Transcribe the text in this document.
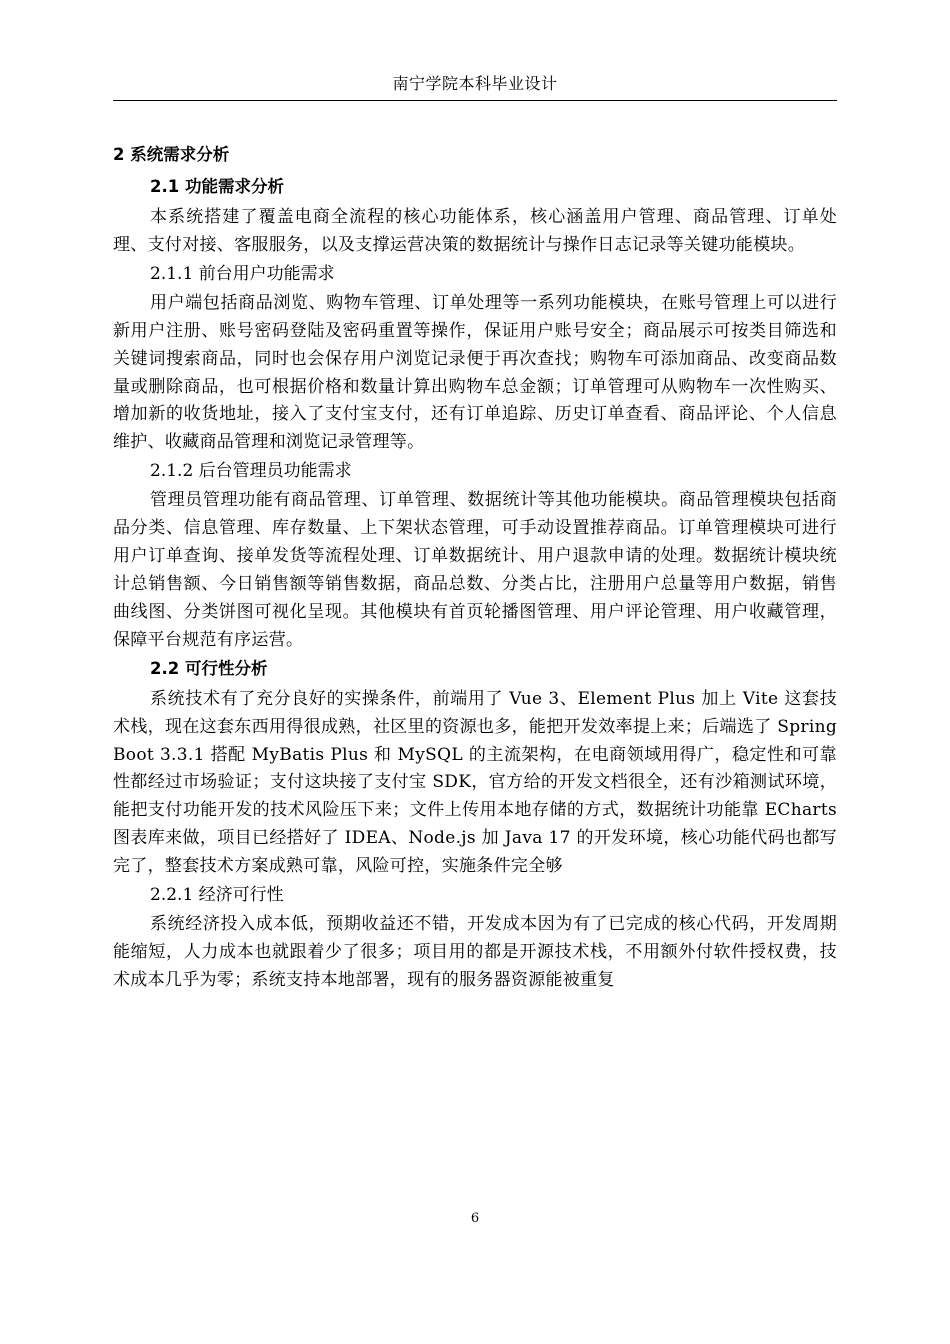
南宁学院本科毕业设计
2 系统需求分析
2.1 功能需求分析

本系统搭建了覆盖电商全流程的核心功能体系，核心涵盖用户管理、商品管理、订单处理、支付对接、客服服务，以及支撑运营决策的数据统计与操作日志记录等关键功能模块。

2.1.1 前台用户功能需求

用户端包括商品浏览、购物车管理、订单处理等一系列功能模块，在账号管理上可以进行新用户注册、账号密码登陆及密码重置等操作，保证用户账号安全；商品展示可按类目筛选和关键词搜索商品，同时也会保存用户浏览记录便于再次查找；购物车可添加商品、改变商品数量或删除商品，也可根据价格和数量计算出购物车总金额；订单管理可从购物车一次性购买、增加新的收货地址，接入了支付宝支付，还有订单追踪、历史订单查看、商品评论、个人信息维护、收藏商品管理和浏览记录管理等。

2.1.2 后台管理员功能需求

管理员管理功能有商品管理、订单管理、数据统计等其他功能模块。商品管理模块包括商品分类、信息管理、库存数量、上下架状态管理，可手动设置推荐商品。订单管理模块可进行用户订单查询、接单发货等流程处理、订单数据统计、用户退款申请的处理。数据统计模块统计总销售额、今日销售额等销售数据，商品总数、分类占比，注册用户总量等用户数据，销售曲线图、分类饼图可视化呈现。其他模块有首页轮播图管理、用户评论管理、用户收藏管理，保障平台规范有序运营。

2.2 可行性分析

系统技术有了充分良好的实操条件，前端用了 Vue 3、Element Plus 加上 Vite 这套技术栈，现在这套东西用得很成熟，社区里的资源也多，能把开发效率提上来；后端选了 Spring Boot 3.3.1 搭配 MyBatis Plus 和 MySQL 的主流架构，在电商领域用得广，稳定性和可靠性都经过市场验证；支付这块接了支付宝 SDK，官方给的开发文档很全，还有沙箱测试环境，能把支付功能开发的技术风险压下来；文件上传用本地存储的方式，数据统计功能靠 ECharts 图表库来做，项目已经搭好了 IDEA、Node.js 加 Java 17 的开发环境，核心功能代码也都写完了，整套技术方案成熟可靠，风险可控，实施条件完全够

2.2.1 经济可行性

系统经济投入成本低，预期收益还不错，开发成本因为有了已完成的核心代码，开发周期能缩短，人力成本也就跟着少了很多；项目用的都是开源技术栈，不用额外付软件授权费，技术成本几乎为零；系统支持本地部署，现有的服务器资源能被重复

6
